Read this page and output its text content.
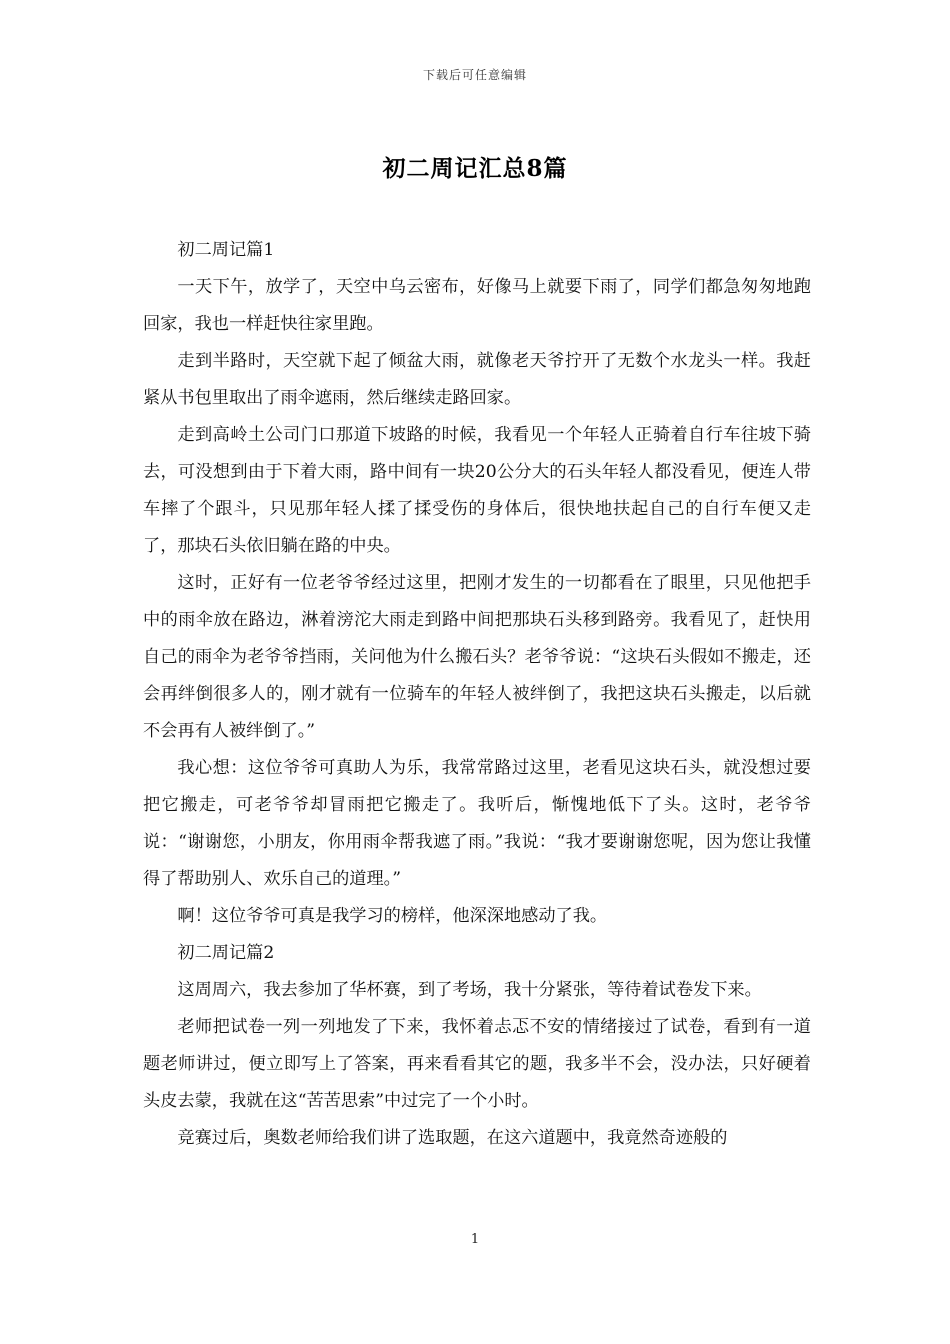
下载后可任意编辑
初二周记汇总8篇

初二周记篇1

一天下午，放学了，天空中乌云密布，好像马上就要下雨了，同学们都急匆匆地跑回家，我也一样赶快往家里跑。

走到半路时，天空就下起了倾盆大雨，就像老天爷拧开了无数个水龙头一样。我赶紧从书包里取出了雨伞遮雨，然后继续走路回家。

走到高岭土公司门口那道下坡路的时候，我看见一个年轻人正骑着自行车往坡下骑去，可没想到由于下着大雨，路中间有一块20公分大的石头年轻人都没看见，便连人带车摔了个跟斗，只见那年轻人揉了揉受伤的身体后，很快地扶起自己的自行车便又走了，那块石头依旧躺在路的中央。

这时，正好有一位老爷爷经过这里，把刚才发生的一切都看在了眼里，只见他把手中的雨伞放在路边，淋着滂沱大雨走到路中间把那块石头移到路旁。我看见了，赶快用自己的雨伞为老爷爷挡雨，关问他为什么搬石头？老爷爷说：“这块石头假如不搬走，还会再绊倒很多人的，刚才就有一位骑车的年轻人被绊倒了，我把这块石头搬走，以后就不会再有人被绊倒了。”

我心想：这位爷爷可真助人为乐，我常常路过这里，老看见这块石头，就没想过要把它搬走，可老爷爷却冒雨把它搬走了。我听后，惭愧地低下了头。这时，老爷爷说：“谢谢您，小朋友，你用雨伞帮我遮了雨。”我说：“我才要谢谢您呢，因为您让我懂得了帮助别人、欢乐自己的道理。”

啊！这位爷爷可真是我学习的榜样，他深深地感动了我。

初二周记篇2

这周周六，我去参加了华杯赛，到了考场，我十分紧张，等待着试卷发下来。

老师把试卷一列一列地发了下来，我怀着忐忑不安的情绪接过了试卷，看到有一道题老师讲过，便立即写上了答案，再来看看其它的题，我多半不会，没办法，只好硬着头皮去蒙，我就在这“苦苦思索”中过完了一个小时。

竞赛过后，奥数老师给我们讲了选取题，在这六道题中，我竟然奇迹般的

1
